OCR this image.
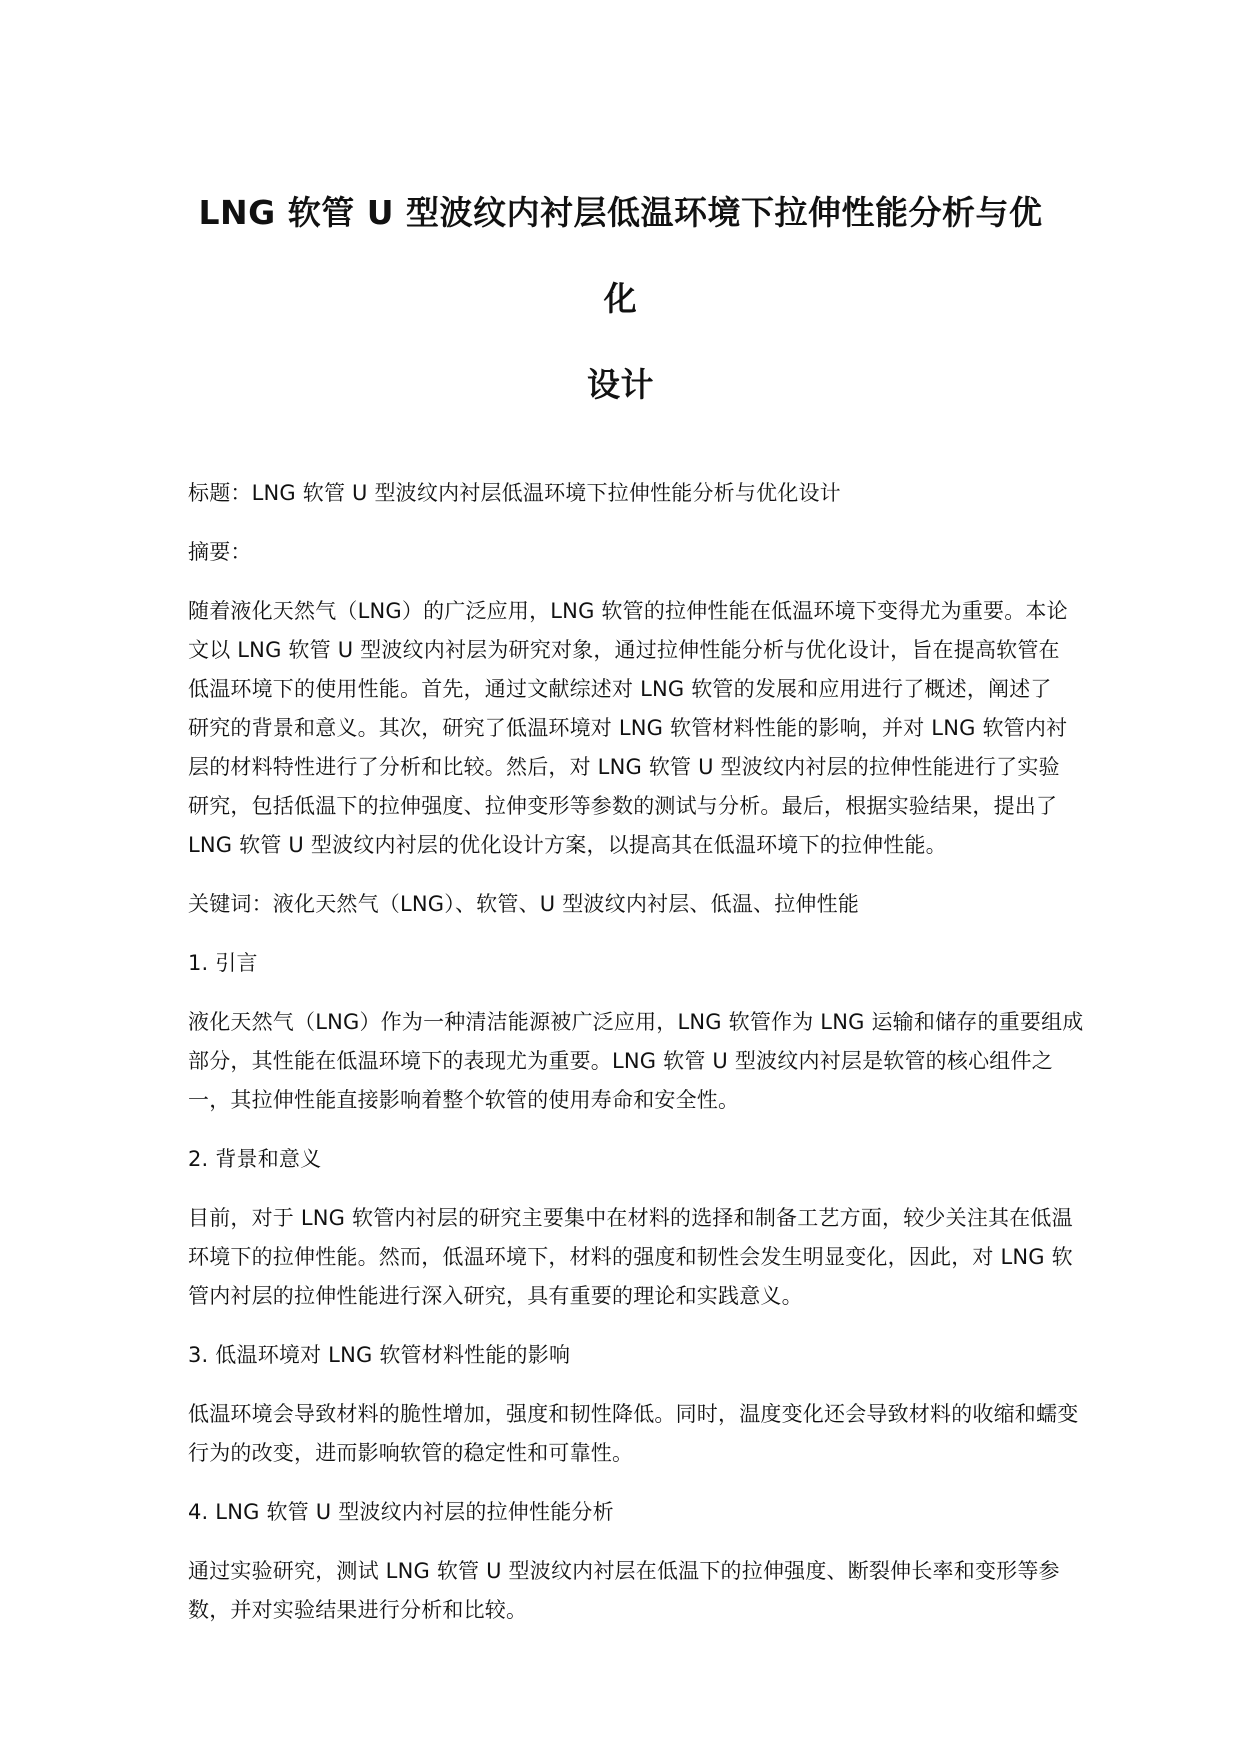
LNG 软管 U 型波纹内衬层低温环境下拉伸性能分析与优化
设计

标题：LNG 软管 U 型波纹内衬层低温环境下拉伸性能分析与优化设计

摘要：

随着液化天然气（LNG）的广泛应用，LNG 软管的拉伸性能在低温环境下变得尤为重要。本论文以 LNG 软管 U 型波纹内衬层为研究对象，通过拉伸性能分析与优化设计，旨在提高软管在低温环境下的使用性能。首先，通过文献综述对 LNG 软管的发展和应用进行了概述，阐述了研究的背景和意义。其次，研究了低温环境对 LNG 软管材料性能的影响，并对 LNG 软管内衬层的材料特性进行了分析和比较。然后，对 LNG 软管 U 型波纹内衬层的拉伸性能进行了实验研究，包括低温下的拉伸强度、拉伸变形等参数的测试与分析。最后，根据实验结果，提出了 LNG 软管 U 型波纹内衬层的优化设计方案，以提高其在低温环境下的拉伸性能。

关键词：液化天然气（LNG）、软管、U 型波纹内衬层、低温、拉伸性能

1. 引言

液化天然气（LNG）作为一种清洁能源被广泛应用，LNG 软管作为 LNG 运输和储存的重要组成部分，其性能在低温环境下的表现尤为重要。LNG 软管 U 型波纹内衬层是软管的核心组件之一，其拉伸性能直接影响着整个软管的使用寿命和安全性。

2. 背景和意义

目前，对于 LNG 软管内衬层的研究主要集中在材料的选择和制备工艺方面，较少关注其在低温环境下的拉伸性能。然而，低温环境下，材料的强度和韧性会发生明显变化，因此，对 LNG 软管内衬层的拉伸性能进行深入研究，具有重要的理论和实践意义。

3. 低温环境对 LNG 软管材料性能的影响

低温环境会导致材料的脆性增加，强度和韧性降低。同时，温度变化还会导致材料的收缩和蠕变行为的改变，进而影响软管的稳定性和可靠性。

4. LNG 软管 U 型波纹内衬层的拉伸性能分析

通过实验研究，测试 LNG 软管 U 型波纹内衬层在低温下的拉伸强度、断裂伸长率和变形等参数，并对实验结果进行分析和比较。
